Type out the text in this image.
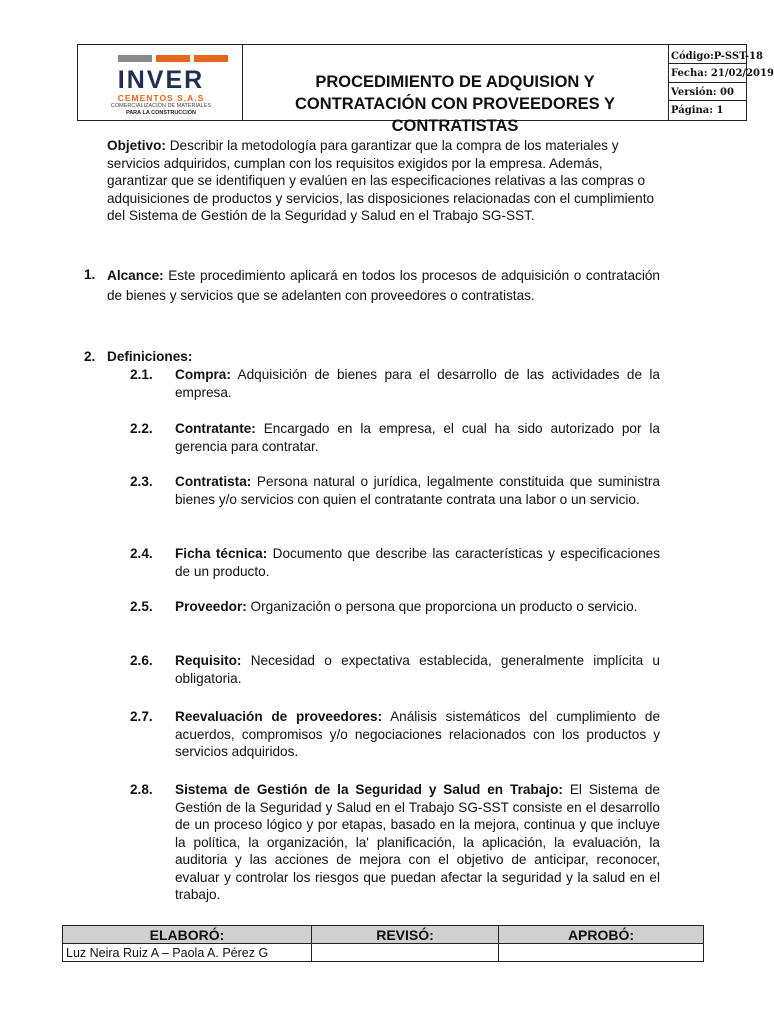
INVER
CEMENTOS S.A.S
COMERCIALIZACIÓN DE MATERIALES
PARA LA CONSTRUCCIÓN
PROCEDIMIENTO DE ADQUISION Y
CONTRATACIÓN CON PROVEEDORES Y
CONTRATISTAS
Código:P-SST-18
Fecha: 21/02/2019
Versión: 00
Página: 1
Objetivo: Describir la metodología para garantizar que la compra de los materiales y servicios adquiridos, cumplan con los requisitos exigidos por la empresa. Además, garantizar que se identifiquen y evalúen en las especificaciones relativas a las compras o adquisiciones de productos y servicios, las disposiciones relacionadas con el cumplimiento del Sistema de Gestión de la Seguridad y Salud en el Trabajo SG-SST.
1. Alcance: Este procedimiento aplicará en todos los procesos de adquisición o contratación de bienes y servicios que se adelanten con proveedores o contratistas.
2. Definiciones:
2.1. Compra: Adquisición de bienes para el desarrollo de las actividades de la empresa.
2.2. Contratante: Encargado en la empresa, el cual ha sido autorizado por la gerencia para contratar.
2.3. Contratista: Persona natural o jurídica, legalmente constituida que suministra bienes y/o servicios con quien el contratante contrata una labor o un servicio.
2.4. Ficha técnica: Documento que describe las características y especificaciones de un producto.
2.5. Proveedor: Organización o persona que proporciona un producto o servicio.
2.6. Requisito: Necesidad o expectativa establecida, generalmente implícita u obligatoria.
2.7. Reevaluación de proveedores: Análisis sistemáticos del cumplimiento de acuerdos, compromisos y/o negociaciones relacionados con los productos y servicios adquiridos.
2.8. Sistema de Gestión de la Seguridad y Salud en Trabajo: El Sistema de Gestión de la Seguridad y Salud en el Trabajo SG-SST consiste en el desarrollo de un proceso lógico y por etapas, basado en la mejora, continua y que incluye la política, la organización, la' planificación, la aplicación, la evaluación, la auditoria y las acciones de mejora con el objetivo de anticipar, reconocer, evaluar y controlar los riesgos que puedan afectar la seguridad y la salud en el trabajo.
ELABORÓ:	REVISÓ:	APROBÓ:
Luz Neira Ruiz A – Paola A. Pérez G		
